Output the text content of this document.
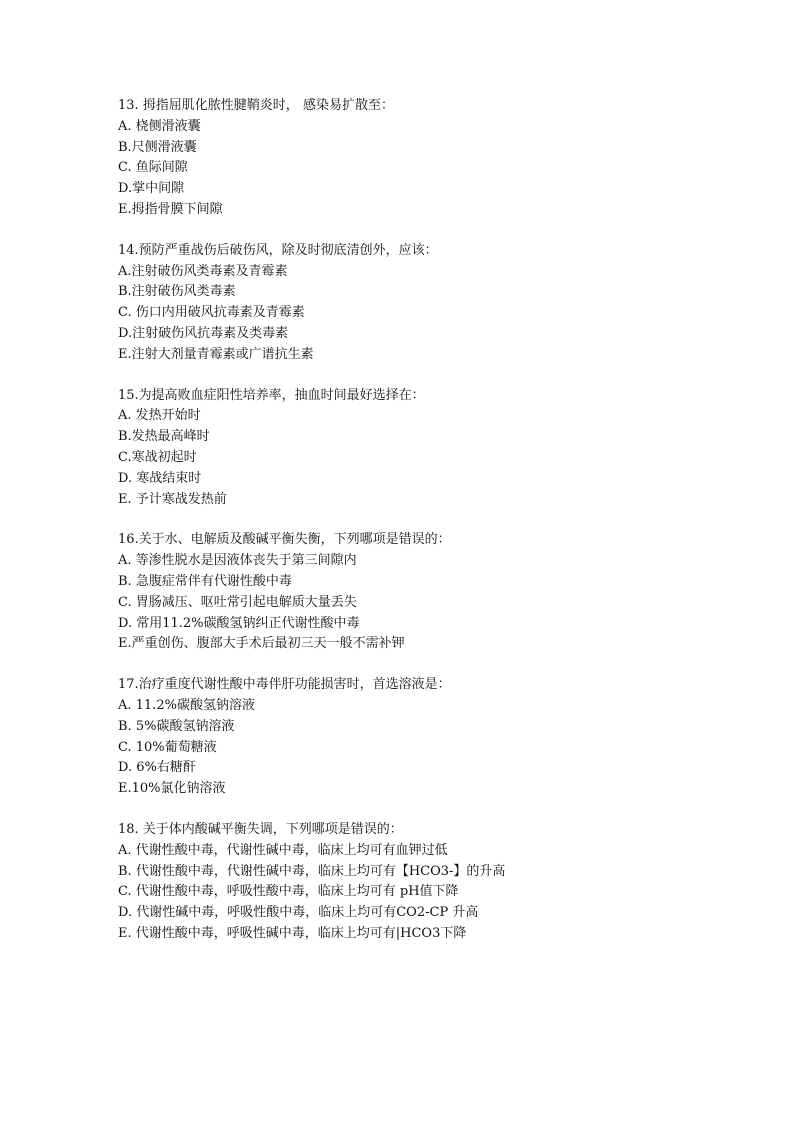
13. 拇指屈肌化脓性腱鞘炎时， 感染易扩散至：
A. 桡侧滑液囊
B.尺侧滑液囊
C. 鱼际间隙
D.掌中间隙
E.拇指骨膜下间隙
14.预防严重战伤后破伤风，除及时彻底清创外，应该：
A.注射破伤风类毒素及青霉素
B.注射破伤风类毒素
C. 伤口内用破风抗毒素及青霉素
D.注射破伤风抗毒素及类毒素
E.注射大剂量青霉素或广谱抗生素
15.为提高败血症阳性培养率，抽血时间最好选择在：
A. 发热开始时
B.发热最高峰时
C.寒战初起时
D. 寒战结束时
E. 予计寒战发热前
16.关于水、电解质及酸碱平衡失衡，下列哪项是错误的：
A. 等渗性脱水是因液体丧失于第三间隙内
B. 急腹症常伴有代谢性酸中毒
C. 胃肠减压、呕吐常引起电解质大量丢失
D. 常用11.2%碳酸氢钠纠正代谢性酸中毒
E.严重创伤、腹部大手术后最初三天一般不需补钾
17.治疗重度代谢性酸中毒伴肝功能损害时，首选溶液是：
A. 11.2%碳酸氢钠溶液
B. 5%碳酸氢钠溶液
C. 10%葡萄糖液
D. 6%右糖酐
E.10%氯化钠溶液
18. 关于体内酸碱平衡失调，下列哪项是错误的：
A. 代谢性酸中毒，代谢性碱中毒，临床上均可有血钾过低
B. 代谢性酸中毒，代谢性碱中毒，临床上均可有【HCO3-】的升高
C. 代谢性酸中毒，呼吸性酸中毒，临床上均可有 pH值下降
D. 代谢性碱中毒，呼吸性酸中毒，临床上均可有CO2-CP 升高
E. 代谢性酸中毒，呼吸性碱中毒，临床上均可有|HCO3下降
